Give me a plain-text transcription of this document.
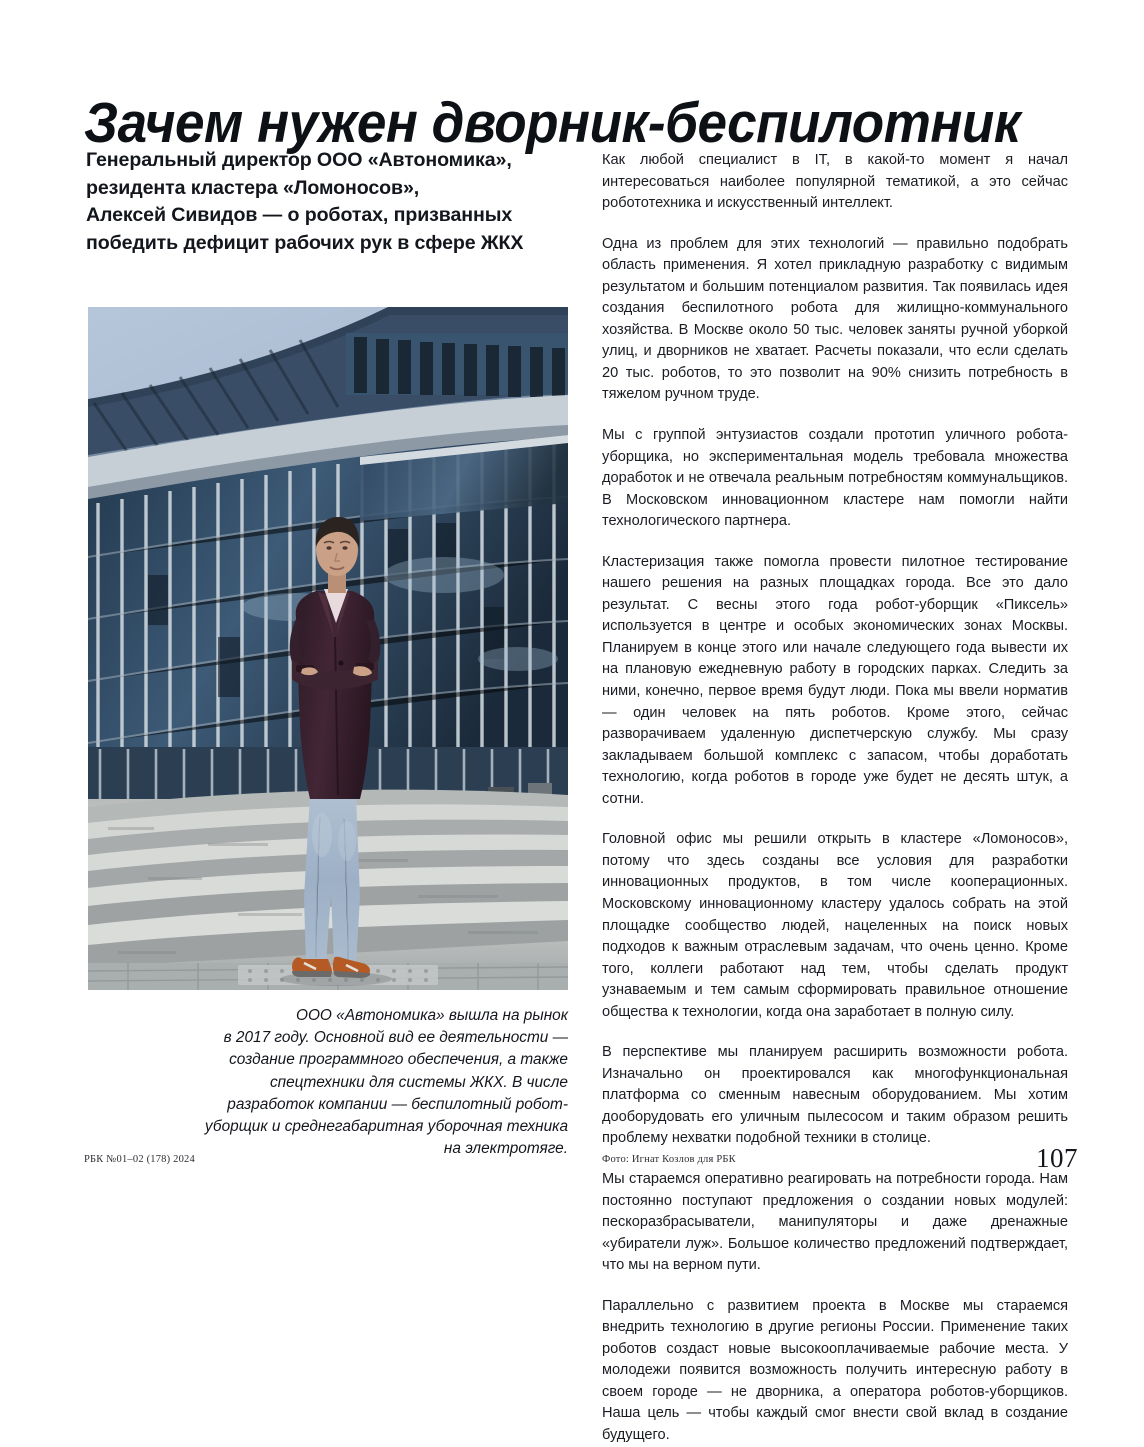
Зачем нужен дворник-беспилотник
Генеральный директор ООО «Автономика»,
резидента кластера «Ломоносов»,
Алексей Сивидов — о роботах, призванных
победить дефицит рабочих рук в сфере ЖКХ
ООО «Автономика» вышла на рынок
в 2017 году. Основной вид ее деятельности —
создание программного обеспечения, а также
спецтехники для системы ЖКХ. В числе
разработок компании — беспилотный робот-
уборщик и среднегабаритная уборочная техника
на электротяге.

Как любой специалист в IT, в какой-то момент я начал интересоваться наиболее популярной тематикой, а это сейчас робототехника и искусственный интеллект.

Одна из проблем для этих технологий — правильно подобрать область применения. Я хотел прикладную разработку с видимым результатом и большим потенциалом развития. Так появилась идея создания беспилотного робота для жилищно-коммунального хозяйства. В Москве около 50 тыс. человек заняты ручной уборкой улиц, и дворников не хватает. Расчеты показали, что если сделать 20 тыс. роботов, то это позволит на 90% снизить потребность в тяжелом ручном труде.

Мы с группой энтузиастов создали прототип уличного робота-уборщика, но экспериментальная модель требовала множества доработок и не отвечала реальным потребностям коммунальщиков. В Московском инновационном кластере нам помогли найти технологического партнера.

Кластеризация также помогла провести пилотное тестирование нашего решения на разных площадках города. Все это дало результат. С весны этого года робот-уборщик «Пиксель» используется в центре и особых экономических зонах Москвы. Планируем в конце этого или начале следующего года вывести их на плановую ежедневную работу в городских парках. Следить за ними, конечно, первое время будут люди. Пока мы ввели норматив — один человек на пять роботов. Кроме этого, сейчас разворачиваем удаленную диспетчерскую службу. Мы сразу закладываем большой комплекс с запасом, чтобы доработать технологию, когда роботов в городе уже будет не десять штук, а сотни.

Головной офис мы решили открыть в кластере «Ломоносов», потому что здесь созданы все условия для разработки инновационных продуктов, в том числе кооперационных. Московскому инновационному кластеру удалось собрать на этой площадке сообщество людей, нацеленных на поиск новых подходов к важным отраслевым задачам, что очень ценно. Кроме того, коллеги работают над тем, чтобы сделать продукт узнаваемым и тем самым сформировать правильное отношение общества к технологии, когда она заработает в полную силу.

В перспективе мы планируем расширить возможности робота. Изначально он проектировался как многофункциональная платформа со сменным навесным оборудованием. Мы хотим дооборудовать его уличным пылесосом и таким образом решить проблему нехватки подобной техники в столице.

Мы стараемся оперативно реагировать на потребности города. Нам постоянно поступают предложения о создании новых модулей: пескоразбрасыватели, манипуляторы и даже дренажные «убиратели луж». Большое количество предложений подтверждает, что мы на верном пути.

Параллельно с развитием проекта в Москве мы стараемся внедрить технологию в другие регионы России. Применение таких роботов создаст новые высокооплачиваемые рабочие места. У молодежи появится возможность получить интересную работу в своем городе — не дворника, а оператора роботов-уборщиков. Наша цель — чтобы каждый смог внести свой вклад в создание будущего.

РБК №01–02 (178) 2024	Фото: Игнат Козлов для РБК	107
